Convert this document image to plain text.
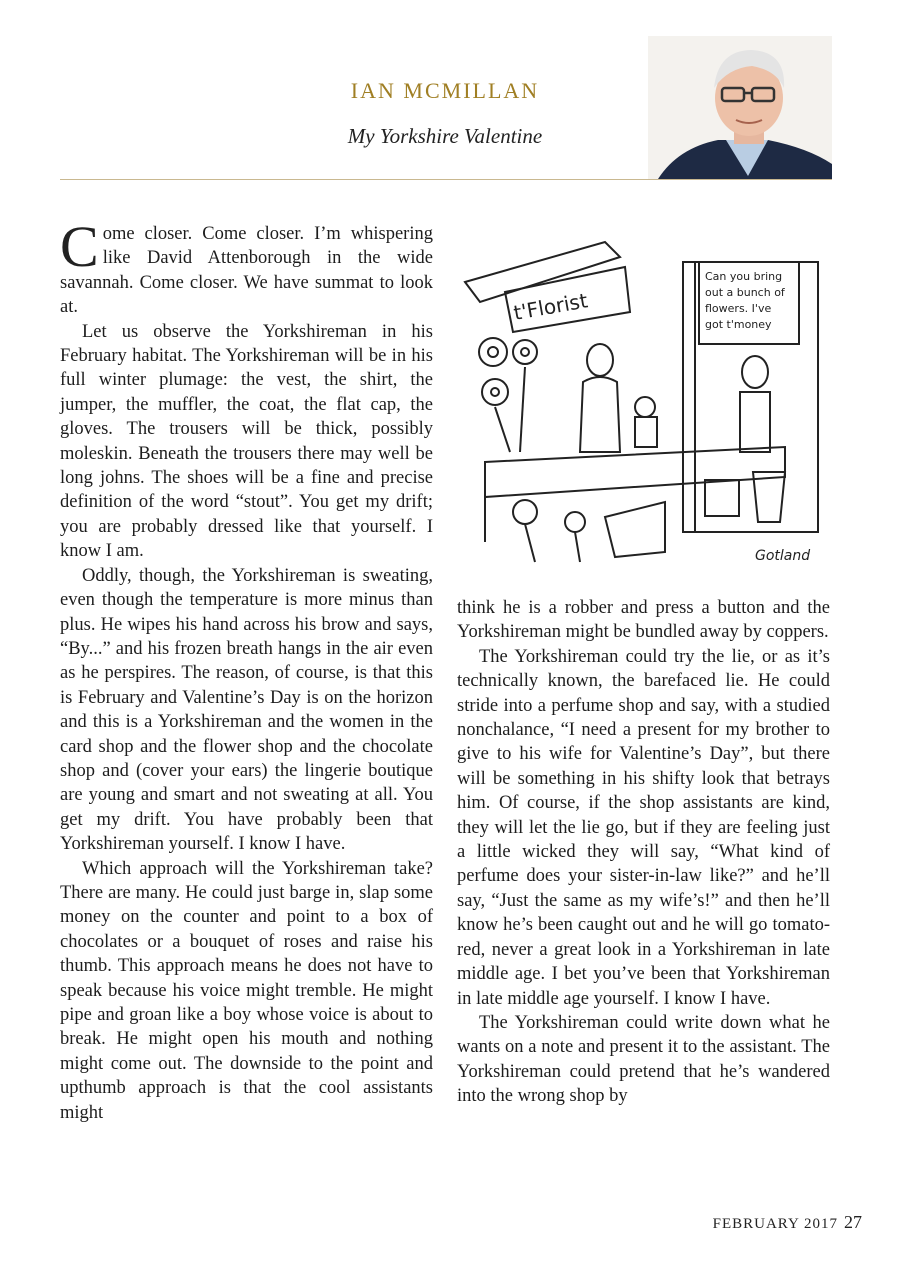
IAN MCMILLAN
My Yorkshire Valentine

Come closer. Come closer. I’m whispering like David Attenborough in the wide savannah. Come closer. We have summat to look at.

Let us observe the Yorkshireman in his February habitat. The Yorkshireman will be in his full winter plumage: the vest, the shirt, the jumper, the muffler, the coat, the flat cap, the gloves. The trousers will be thick, possibly moleskin. Beneath the trousers there may well be long johns. The shoes will be a fine and precise definition of the word “stout”. You get my drift; you are probably dressed like that yourself. I know I am.

Oddly, though, the Yorkshireman is sweating, even though the temperature is more minus than plus. He wipes his hand across his brow and says, “By...” and his frozen breath hangs in the air even as he perspires. The reason, of course, is that this is February and Valentine’s Day is on the horizon and this is a Yorkshireman and the women in the card shop and the flower shop and the chocolate shop and (cover your ears) the lingerie boutique are young and smart and not sweating at all. You get my drift. You have probably been that Yorkshireman yourself. I know I have.

Which approach will the Yorkshireman take? There are many. He could just barge in, slap some money on the counter and point to a box of chocolates or a bouquet of roses and raise his thumb. This approach means he does not have to speak because his voice might tremble. He might pipe and groan like a boy whose voice is about to break. He might open his mouth and nothing might come out. The downside to the point and upthumb approach is that the cool assistants might

t'Florist
Can you bring
out a bunch of
flowers. I've
got t'money
Gotland

think he is a robber and press a button and the Yorkshireman might be bundled away by coppers.

The Yorkshireman could try the lie, or as it’s technically known, the barefaced lie. He could stride into a perfume shop and say, with a studied nonchalance, “I need a present for my brother to give to his wife for Valentine’s Day”, but there will be something in his shifty look that betrays him. Of course, if the shop assistants are kind, they will let the lie go, but if they are feeling just a little wicked they will say, “What kind of perfume does your sister-in-law like?” and he’ll say, “Just the same as my wife’s!” and then he’ll know he’s been caught out and he will go tomato-red, never a great look in a Yorkshireman in late middle age. I bet you’ve been that Yorkshireman in late middle age yourself. I know I have.

The Yorkshireman could write down what he wants on a note and present it to the assistant. The Yorkshireman could pretend that he’s wandered into the wrong shop by

FEBRUARY 2017 27
